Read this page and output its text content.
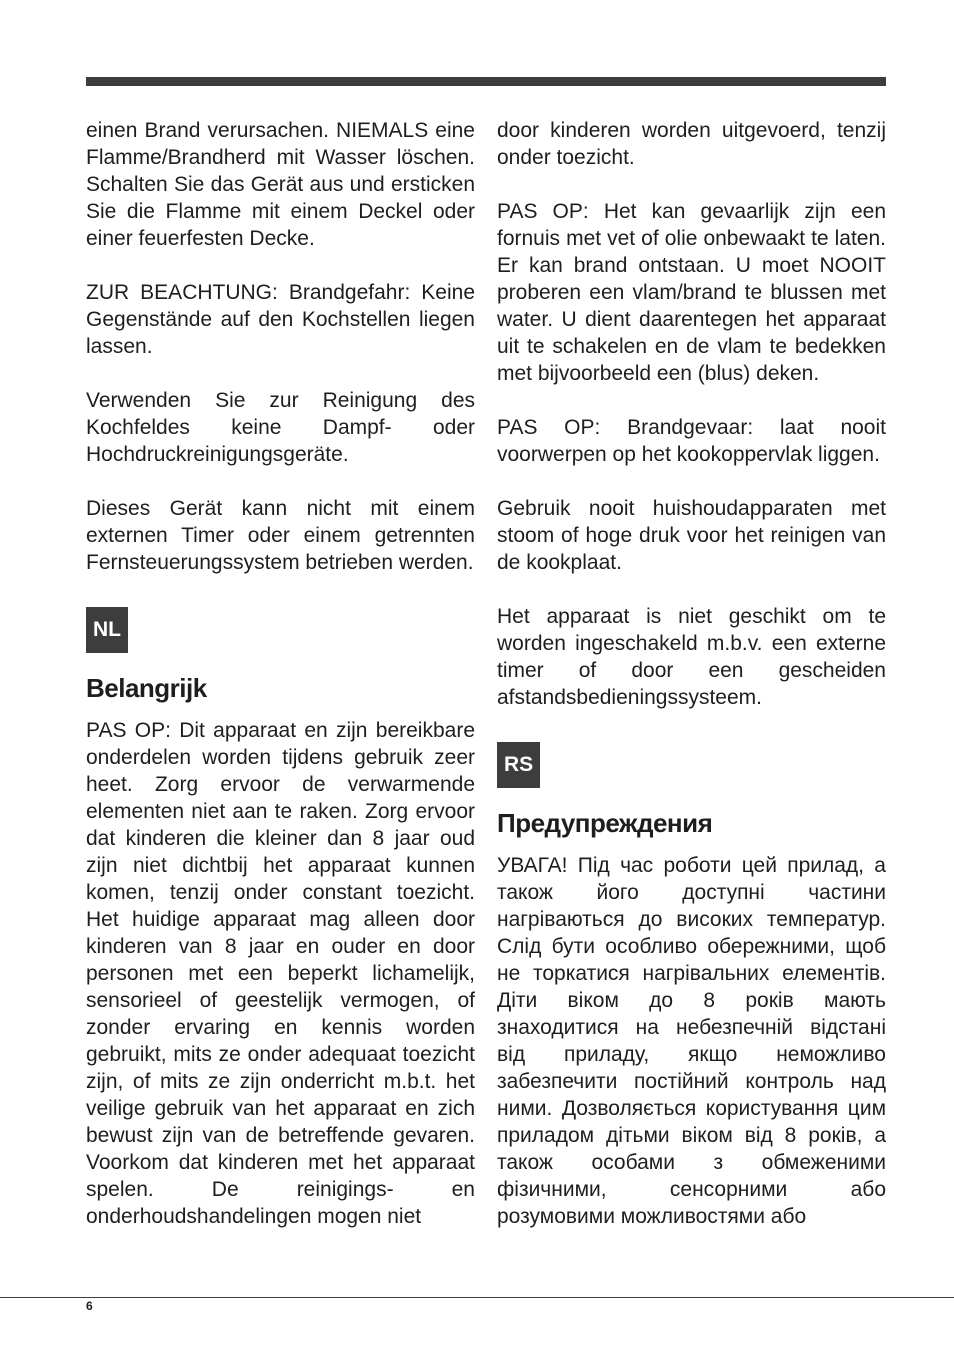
einen Brand verursachen. NIEMALS eine Flamme/Brandherd mit Wasser löschen. Schalten Sie das Gerät aus und ersticken Sie die Flamme mit einem Deckel oder einer feuerfesten Decke.

ZUR BEACHTUNG: Brandgefahr: Keine Gegenstände auf den Kochstellen liegen lassen.

Verwenden Sie zur Reinigung des Kochfeldes keine Dampf- oder Hochdruckreinigungsgeräte.

Dieses Gerät kann nicht mit einem externen Timer oder einem getrennten Fernsteuerungssystem betrieben werden.

NL
Belangrijk

PAS OP: Dit apparaat en zijn bereikbare onderdelen worden tijdens gebruik zeer heet. Zorg ervoor de verwarmende elementen niet aan te raken. Zorg ervoor dat kinderen die kleiner dan 8 jaar oud zijn niet dichtbij het apparaat kunnen komen, tenzij onder constant toezicht. Het huidige apparaat mag alleen door kinderen van 8 jaar en ouder en door personen met een beperkt lichamelijk, sensorieel of geestelijk vermogen, of zonder ervaring en kennis worden gebruikt, mits ze onder adequaat toezicht zijn, of mits ze zijn onderricht m.b.t. het veilige gebruik van het apparaat en zich bewust zijn van de betreffende gevaren. Voorkom dat kinderen met het apparaat spelen. De reinigings- en onderhoudshandelingen mogen niet

door kinderen worden uitgevoerd, tenzij onder toezicht.

PAS OP: Het kan gevaarlijk zijn een fornuis met vet of olie onbewaakt te laten. Er kan brand ontstaan. U moet NOOIT proberen een vlam/brand te blussen met water. U dient daarentegen het apparaat uit te schakelen en de vlam te bedekken met bijvoorbeeld een (blus) deken.

PAS OP: Brandgevaar: laat nooit voorwerpen op het kookoppervlak liggen.

Gebruik nooit huishoudapparaten met stoom of hoge druk voor het reinigen van de kookplaat.

Het apparaat is niet geschikt om te worden ingeschakeld m.b.v. een externe timer of door een gescheiden afstandsbedieningssysteem.

RS
Предупреждения

УВАГА! Під час роботи цей прилад, а також його доступні частини нагріваються до високих температур. Слід бути особливо обережними, щоб не торкатися нагрівальних елементів. Діти віком до 8 років мають знаходитися на небезпечній відстані від приладу, якщо неможливо забезпечити постійний контроль над ними. Дозволяється користування цим приладом дітьми віком від 8 років, а також особами з обмеженими фізичними, сенсорними або розумовими можливостями або

6
